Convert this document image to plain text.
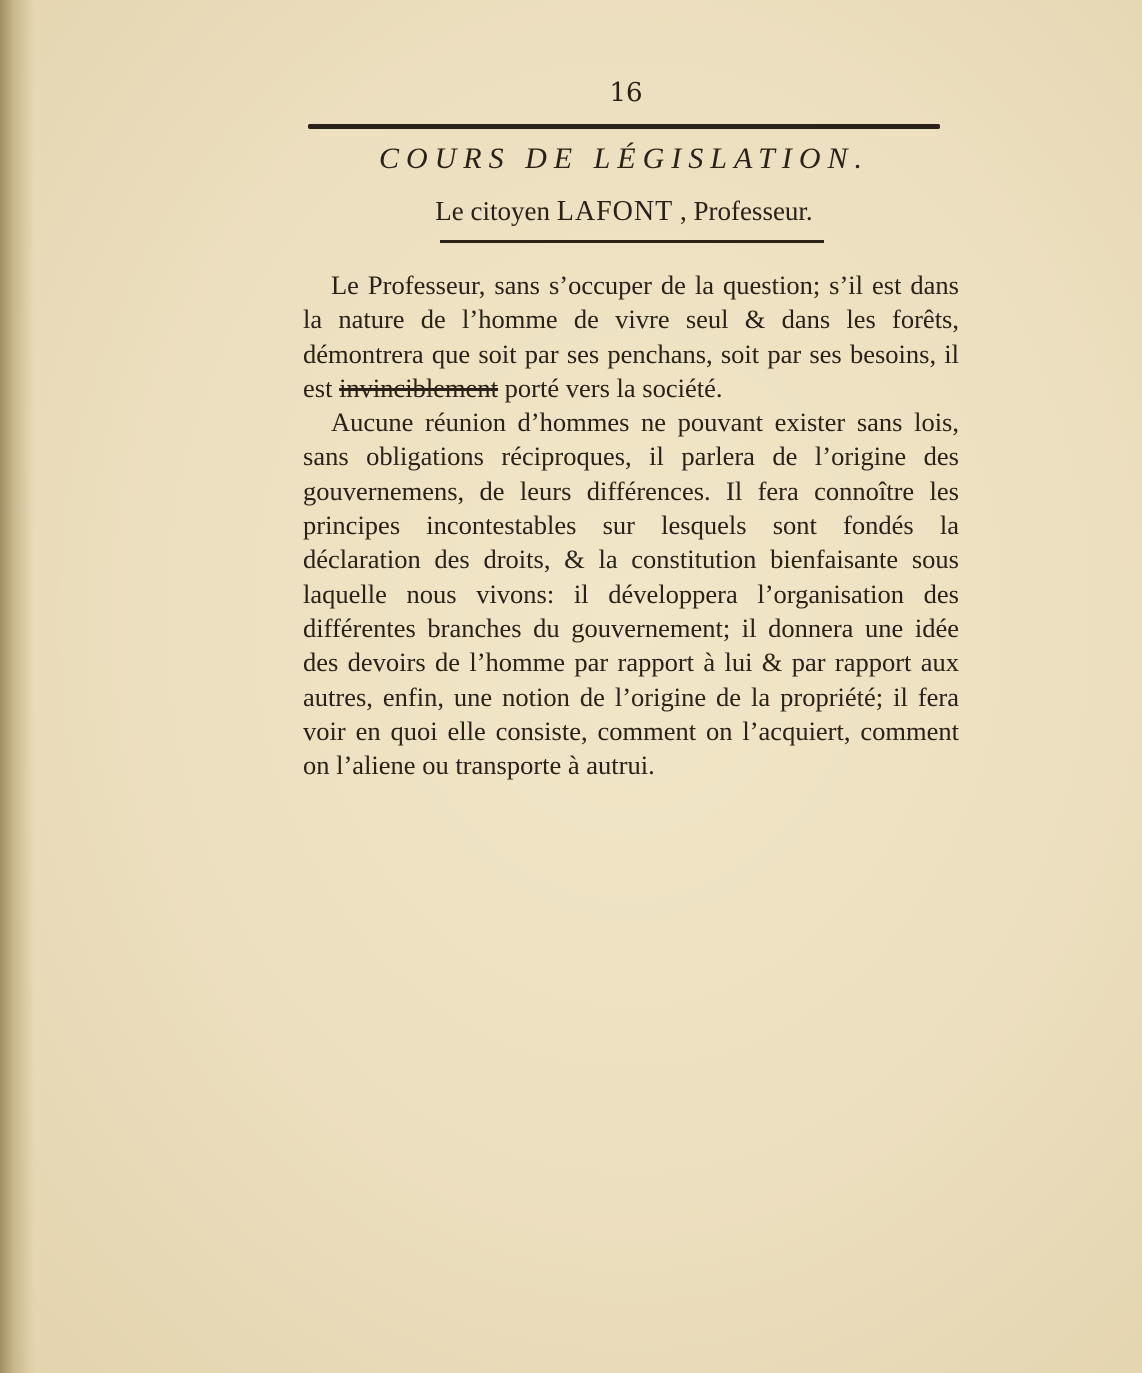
16
COURS DE LÉGISLATION.
Le citoyen LAFONT , Professeur.

Le Professeur, sans s’occuper de la question; s’il est dans la nature de l’homme de vivre seul & dans les forêts, démontrera que soit par ses penchans, soit par ses besoins, il est invinciblement porté vers la société.

Aucune réunion d’hommes ne pouvant exister sans lois, sans obligations réciproques, il parlera de l’origine des gouvernemens, de leurs différences. Il fera connoître les principes incontestables sur lesquels sont fondés la déclaration des droits, & la constitution bienfaisante sous laquelle nous vivons: il développera l’organisation des différentes branches du gouvernement; il donnera une idée des devoirs de l’homme par rapport à lui & par rapport aux autres, enfin, une notion de l’origine de la propriété; il fera voir en quoi elle consiste, comment on l’acquiert, comment on l’aliene ou transporte à autrui.
